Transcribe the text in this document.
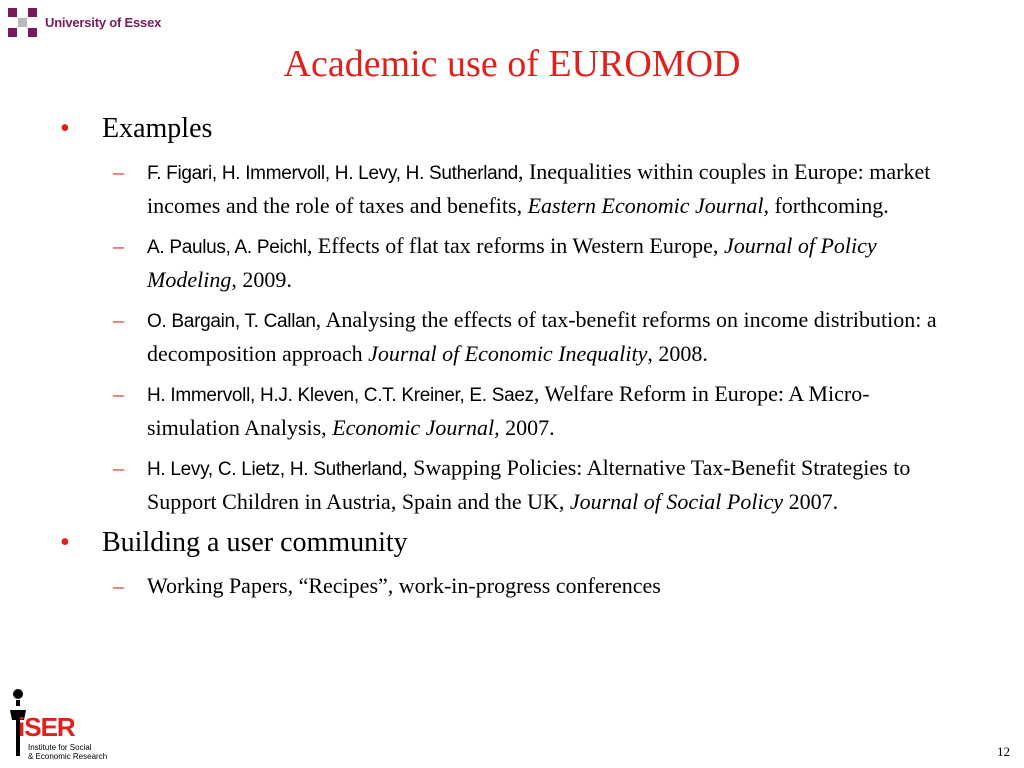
University of Essex
Academic use of EUROMOD
• Examples
– F. Figari, H. Immervoll, H. Levy, H. Sutherland, Inequalities within couples in Europe: market incomes and the role of taxes and benefits, Eastern Economic Journal, forthcoming.
– A. Paulus, A. Peichl, Effects of flat tax reforms in Western Europe, Journal of Policy Modeling, 2009.
– O. Bargain, T. Callan, Analysing the effects of tax-benefit reforms on income distribution: a decomposition approach Journal of Economic Inequality, 2008.
– H. Immervoll, H.J. Kleven, C.T. Kreiner, E. Saez, Welfare Reform in Europe: A Micro-simulation Analysis, Economic Journal, 2007.
– H. Levy, C. Lietz, H. Sutherland, Swapping Policies: Alternative Tax-Benefit Strategies to Support Children in Austria, Spain and the UK, Journal of Social Policy 2007.
• Building a user community
– Working Papers, “Recipes”, work-in-progress conferences
iSER
Institute for Social
& Economic Research	12
